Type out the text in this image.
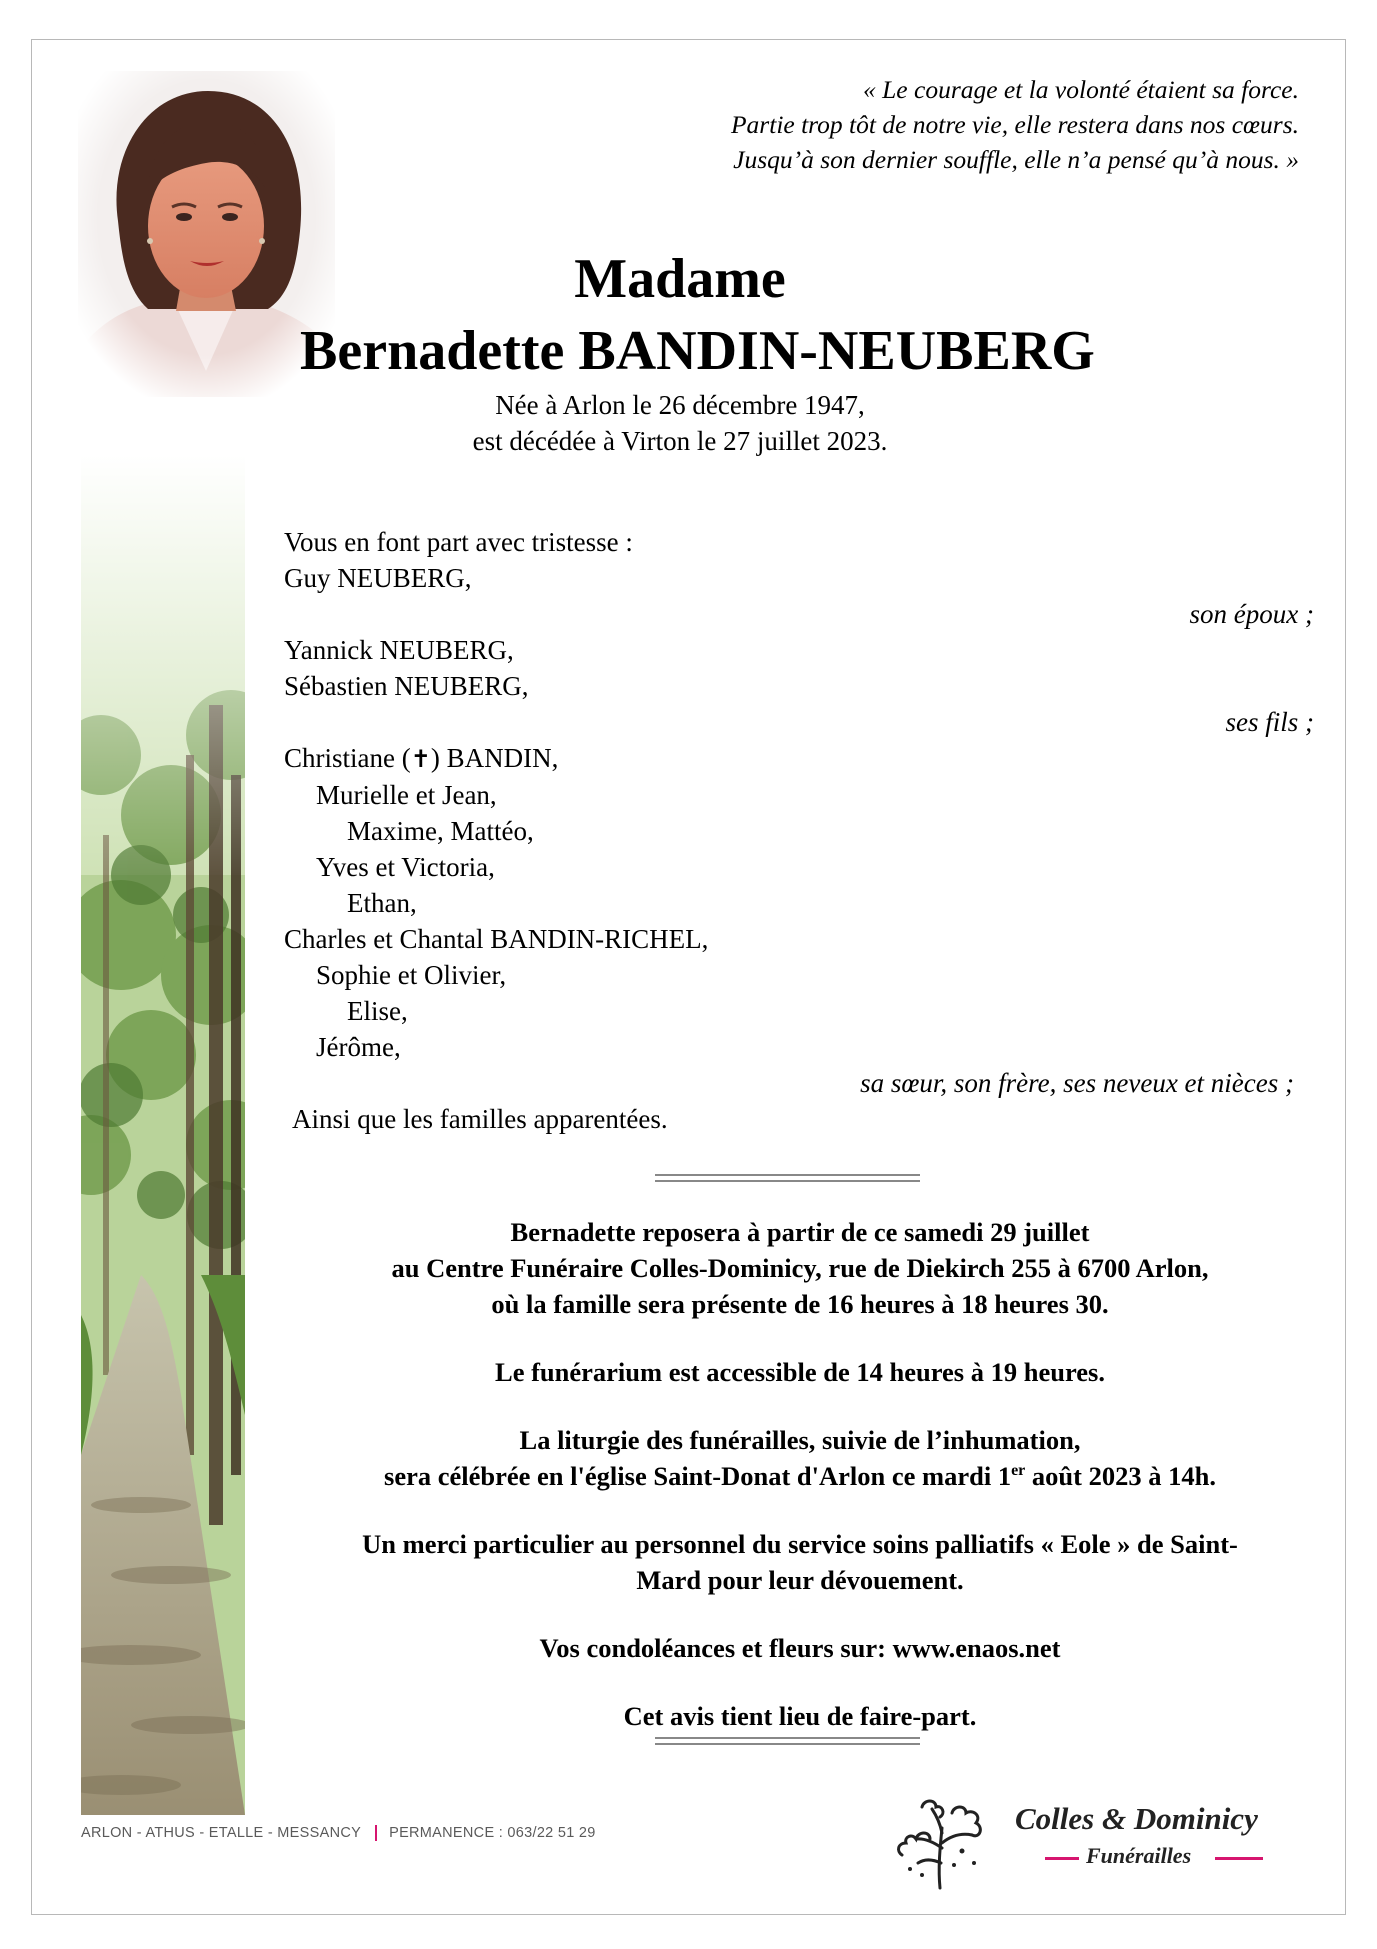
« Le courage et la volonté étaient sa force.
Partie trop tôt de notre vie, elle restera dans nos cœurs.
Jusqu’à son dernier souffle, elle n’a pensé qu’à nous. »
Madame
Bernadette BANDIN-NEUBERG
Née à Arlon le 26 décembre 1947,
est décédée à Virton le 27 juillet 2023.
Vous en font part avec tristesse :
Guy NEUBERG,
son époux ;
Yannick NEUBERG,
Sébastien NEUBERG,
ses fils ;
Christiane (✝) BANDIN,
Murielle et Jean,
Maxime, Mattéo,
Yves et Victoria,
Ethan,
Charles et Chantal BANDIN-RICHEL,
Sophie et Olivier,
Elise,
Jérôme,
sa sœur, son frère, ses neveux et nièces ;
Ainsi que les familles apparentées.
Bernadette reposera à partir de ce samedi 29 juillet
au Centre Funéraire Colles-Dominicy, rue de Diekirch 255 à 6700 Arlon,
où la famille sera présente de 16 heures à 18 heures 30.
Le funérarium est accessible de 14 heures à 19 heures.
La liturgie des funérailles, suivie de l’inhumation,
sera célébrée en l'église Saint-Donat d'Arlon ce mardi 1er août 2023 à 14h.
Un merci particulier au personnel du service soins palliatifs « Eole » de Saint-
Mard pour leur dévouement.
Vos condoléances et fleurs sur: www.enaos.net
Cet avis tient lieu de faire-part.
ARLON - ATHUS - ETALLE - MESSANCY PERMANENCE : 063/22 51 29	Colles & Dominicy
Funérailles
